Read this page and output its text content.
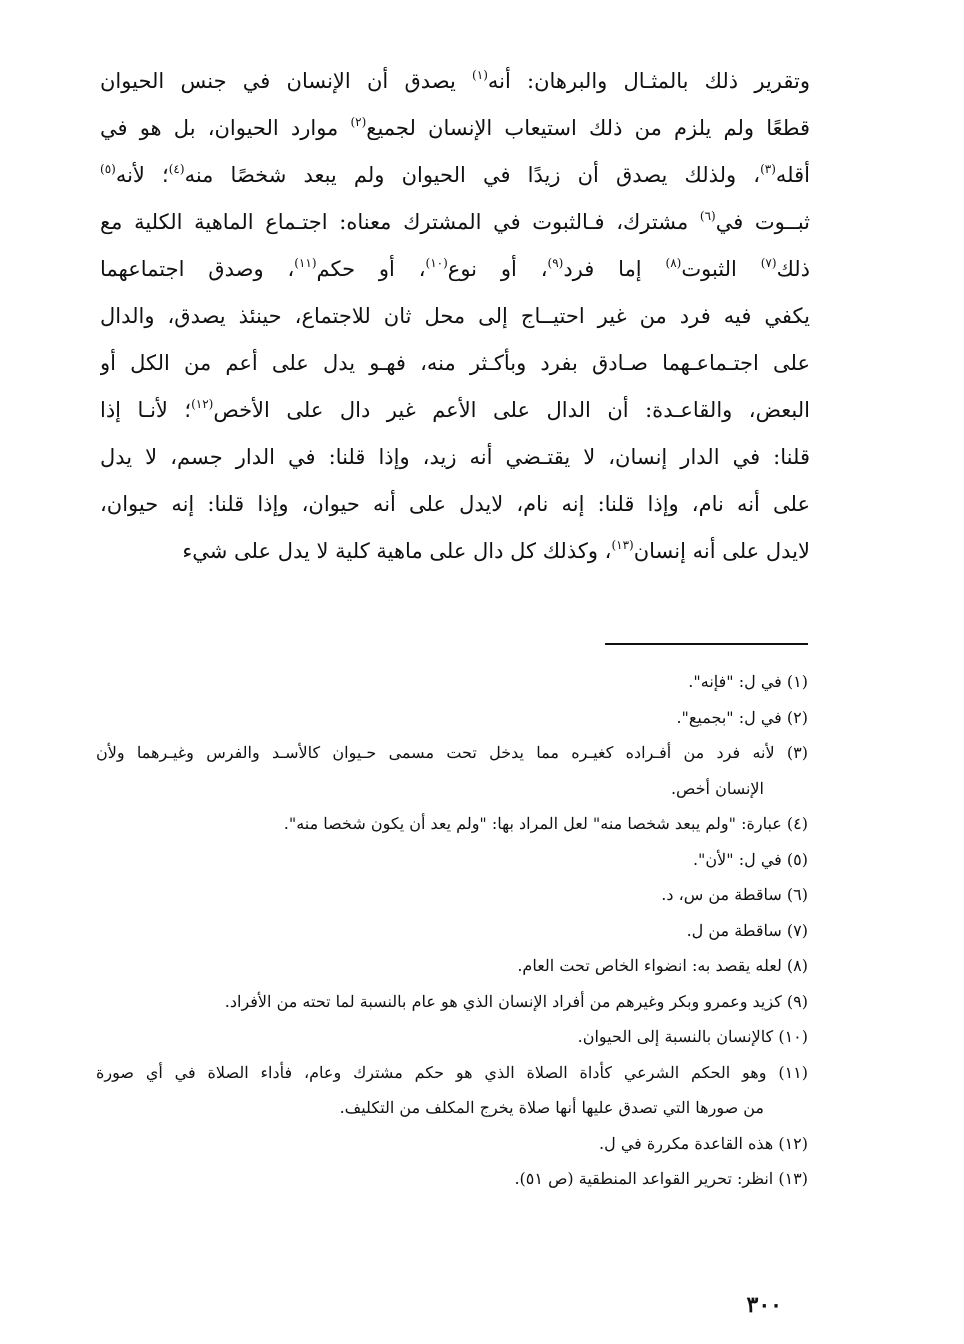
وتقرير ذلك بالمثـال والبرهان: أنه$^{(١)}$ يصدق أن الإنسان في جنس الحيوان
قطعًا ولم يلزم من ذلك استيعاب الإنسان لجميع$^{(٢)}$ موارد الحيوان، بل هو في
أقله$^{(٣)}$، ولذلك يصدق أن زيدًا في الحيوان ولم يبعد شخصًا منه$^{(٤)}$؛ لأنه$^{(٥)}$
ثبــوت في$^{(٦)}$ مشترك، فـالثبوت في المشترك معناه: اجتـماع الماهية الكلية مع
ذلك$^{(٧)}$ الثبوت$^{(٨)}$ إما فرد$^{(٩)}$، أو نوع$^{(١٠)}$، أو حكم$^{(١١)}$، وصدق اجتماعهما
يكفي فيه فرد من غير احتيــاج إلى محل ثان للاجتماع، حينئذ يصدق، والدال
على اجتـماعـهما صـادق بفرد وبأكـثر منه، فهـو يدل على أعم من الكل أو
البعض، والقاعـدة: أن الدال على الأعم غير دال على الأخص$^{(١٢)}$؛ لأنـا إذا
قلنا: في الدار إنسان، لا يقتـضي أنه زيد، وإذا قلنا: في الدار جسم، لا يدل
على أنه نام، وإذا قلنا: إنه نام، لايدل على أنه حيوان، وإذا قلنا: إنه حيوان،
لايدل على أنه إنسان$^{(١٣)}$، وكذلك كل دال على ماهية كلية لا يدل على شيء
(١) في ل: "فإنه".
(٢) في ل: "بجميع".
(٣) لأنه فرد من أفـراده كغيـره مما يدخل تحت مسمى حـيوان كالأسـد والفرس وغيـرهما ولأن
الإنسان أخص.
(٤) عبارة: "ولم يبعد شخصا منه" لعل المراد بها: "ولم يعد أن يكون شخصا منه".
(٥) في ل: "لأن".
(٦) ساقطة من س، د.
(٧) ساقطة من ل.
(٨) لعله يقصد به: انضواء الخاص تحت العام.
(٩) كزيد وعمرو وبكر وغيرهم من أفراد الإنسان الذي هو عام بالنسبة لما تحته من الأفراد.
(١٠) كالإنسان بالنسبة إلى الحيوان.
(١١) وهو الحكم الشرعي كأداة الصلاة الذي هو حكم مشترك وعام، فأداء الصلاة في أي صورة
من صورها التي تصدق عليها أنها صلاة يخرج المكلف من التكليف.
(١٢) هذه القاعدة مكررة في ل.
(١٣) انظر: تحرير القواعد المنطقية (ص ٥١).
٣٠٠
